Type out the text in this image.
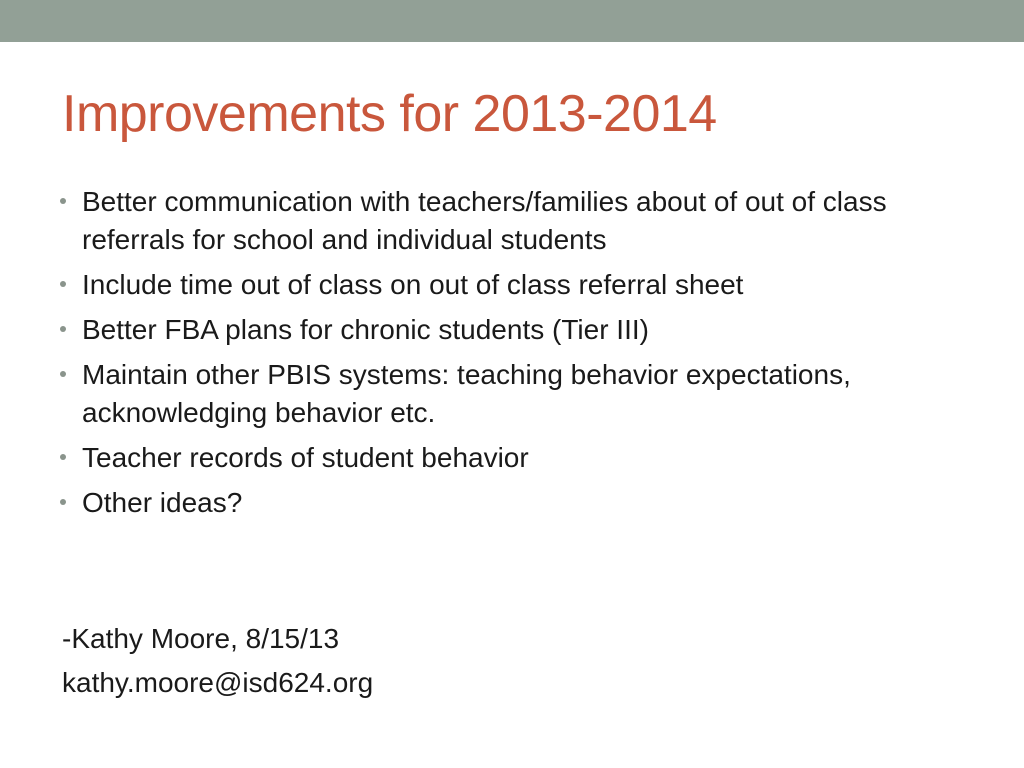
Improvements for 2013-2014
Better communication with teachers/families about of out of class referrals for school and individual students
Include time out of class on out of class referral sheet
Better FBA plans for chronic students (Tier III)
Maintain other PBIS systems: teaching behavior expectations, acknowledging behavior etc.
Teacher records of student behavior
Other ideas?
-Kathy Moore, 8/15/13
kathy.moore@isd624.org
